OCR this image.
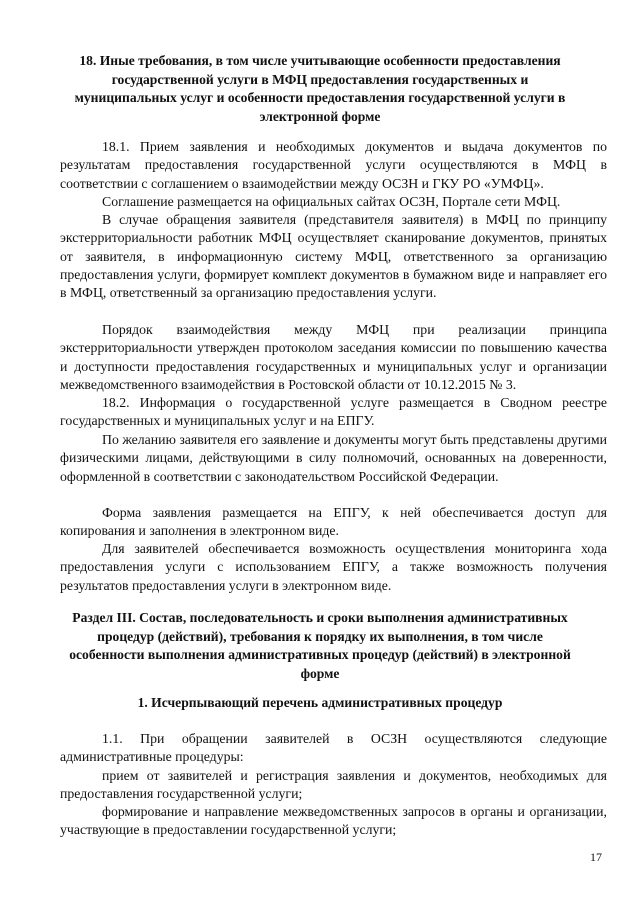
18. Иные требования, в том числе учитывающие особенности предоставления государственной услуги в МФЦ предоставления государственных и муниципальных услуг и особенности предоставления государственной услуги в электронной форме
18.1. Прием заявления и необходимых документов и выдача документов по результатам предоставления государственной услуги осуществляются в МФЦ в соответствии с соглашением о взаимодействии между ОСЗН и ГКУ РО «УМФЦ».
Соглашение размещается на официальных сайтах ОСЗН, Портале сети МФЦ.
В случае обращения заявителя (представителя заявителя) в МФЦ по принципу экстерриториальности работник МФЦ осуществляет сканирование документов, принятых от заявителя, в информационную систему МФЦ, ответственного за организацию предоставления услуги, формирует комплект документов в бумажном виде и направляет его в МФЦ, ответственный за организацию предоставления услуги.
Порядок взаимодействия между МФЦ при реализации принципа экстерриториальности утвержден протоколом заседания комиссии по повышению качества и доступности предоставления государственных и муниципальных услуг и организации межведомственного взаимодействия в Ростовской области от 10.12.2015 № 3.
18.2. Информация о государственной услуге размещается в Сводном реестре государственных и муниципальных услуг и на ЕПГУ.
По желанию заявителя его заявление и документы могут быть представлены другими физическими лицами, действующими в силу полномочий, основанных на доверенности, оформленной в соответствии с законодательством Российской Федерации.
Форма заявления размещается на ЕПГУ, к ней обеспечивается доступ для копирования и заполнения в электронном виде.
Для заявителей обеспечивается возможность осуществления мониторинга хода предоставления услуги с использованием ЕПГУ, а также возможность получения результатов предоставления услуги в электронном виде.
Раздел III. Состав, последовательность и сроки выполнения административных процедур (действий), требования к порядку их выполнения, в том числе особенности выполнения административных процедур (действий) в электронной форме
1. Исчерпывающий перечень административных процедур
1.1. При обращении заявителей в ОСЗН осуществляются следующие административные процедуры:
прием от заявителей и регистрация заявления и документов, необходимых для предоставления государственной услуги;
формирование и направление межведомственных запросов в органы и организации, участвующие в предоставлении государственной услуги;
17
